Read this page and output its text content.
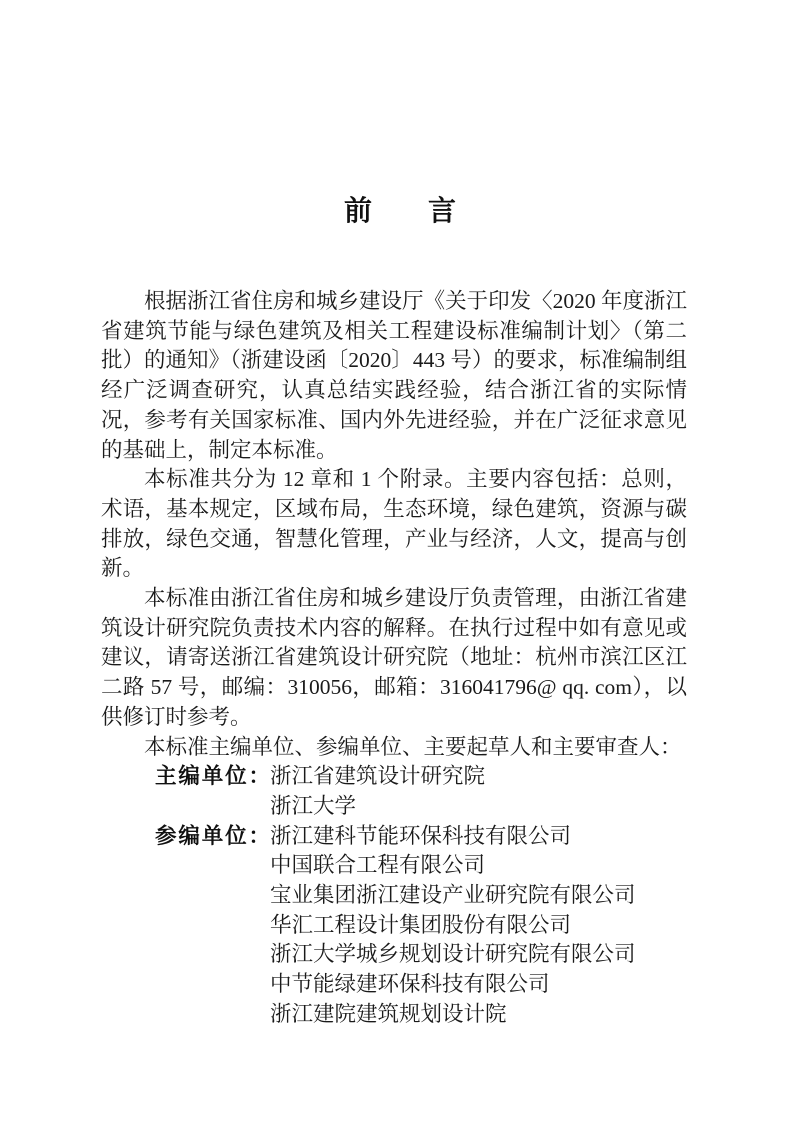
前　　言

根据浙江省住房和城乡建设厅《关于印发〈2020 年度浙江省建筑节能与绿色建筑及相关工程建设标准编制计划〉（第二批）的通知》（浙建设函〔2020〕443 号）的要求，标准编制组经广泛调查研究，认真总结实践经验，结合浙江省的实际情况，参考有关国家标准、国内外先进经验，并在广泛征求意见的基础上，制定本标准。

本标准共分为 12 章和 1 个附录。主要内容包括：总则，术语，基本规定，区域布局，生态环境，绿色建筑，资源与碳排放，绿色交通，智慧化管理，产业与经济，人文，提高与创新。

本标准由浙江省住房和城乡建设厅负责管理，由浙江省建筑设计研究院负责技术内容的解释。在执行过程中如有意见或建议，请寄送浙江省建筑设计研究院（地址：杭州市滨江区江二路 57 号，邮编：310056，邮箱：316041796@ qq. com），以供修订时参考。

本标准主编单位、参编单位、主要起草人和主要审查人：

主编单位： 浙江省建筑设计研究院
浙江大学
参编单位： 浙江建科节能环保科技有限公司
中国联合工程有限公司
宝业集团浙江建设产业研究院有限公司
华汇工程设计集团股份有限公司
浙江大学城乡规划设计研究院有限公司
中节能绿建环保科技有限公司
浙江建院建筑规划设计院
